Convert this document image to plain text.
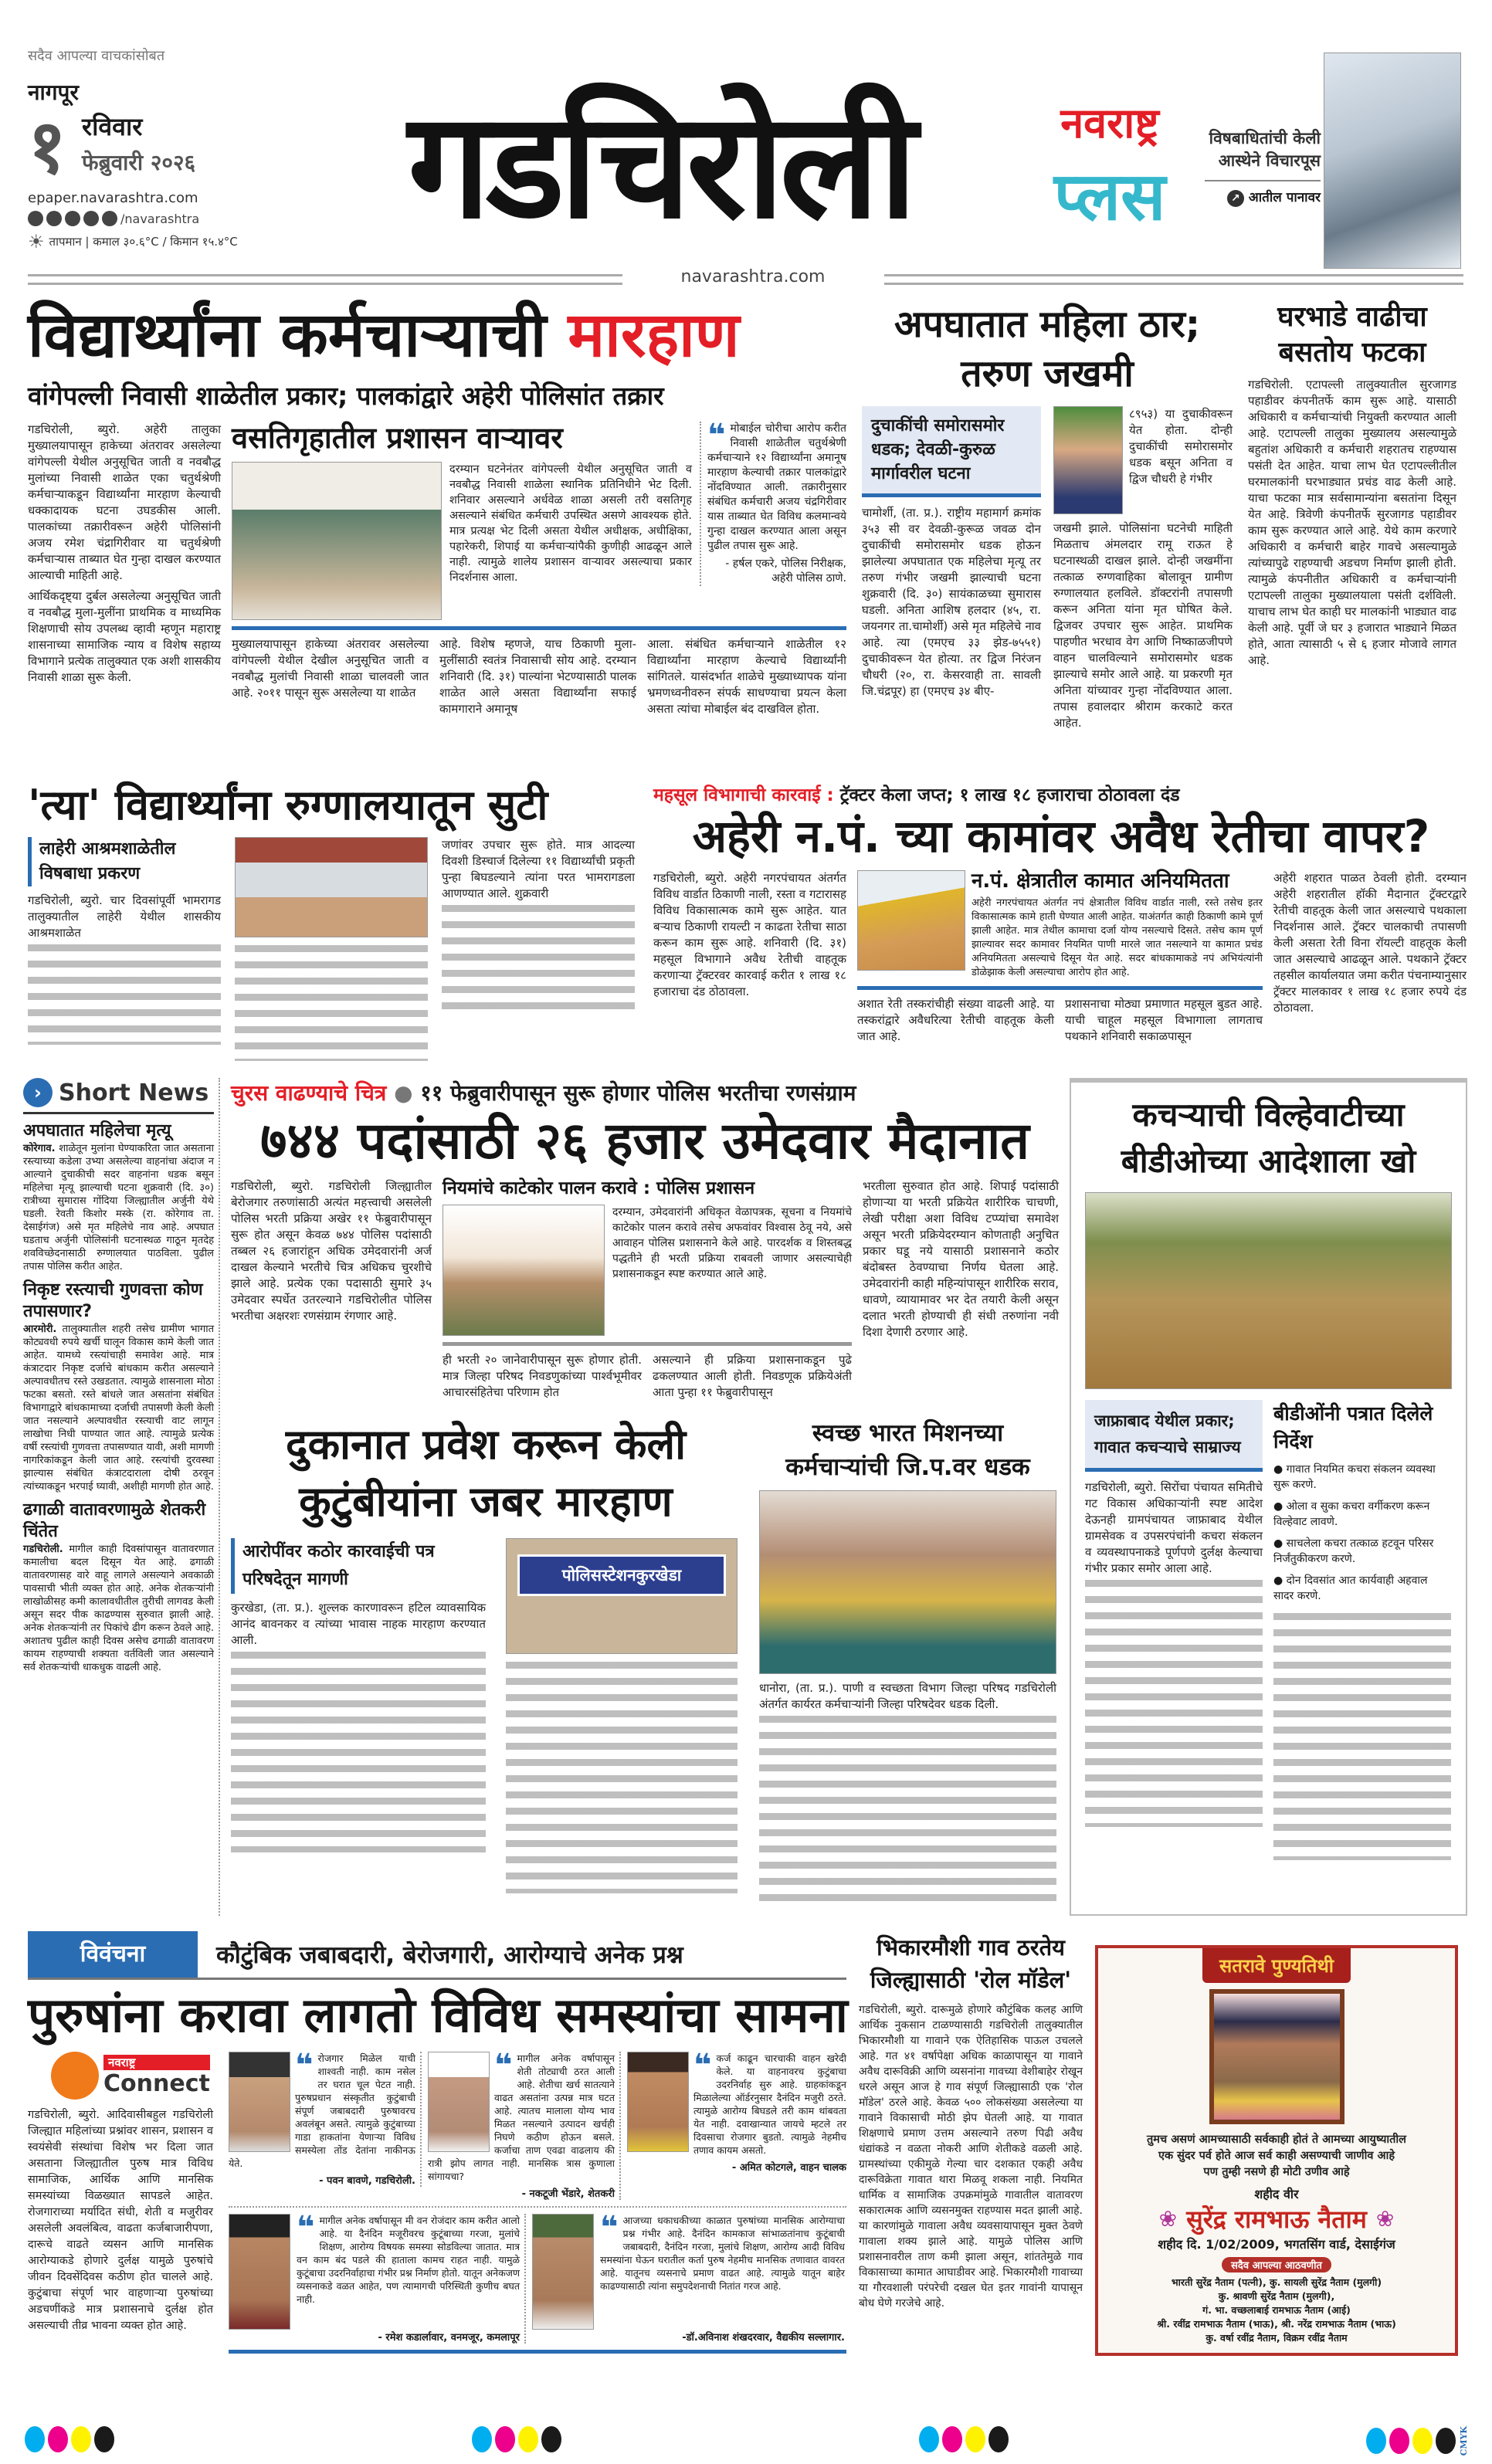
सदैव आपल्या वाचकांसोबत
नागपूर
१ रविवार
फेब्रुवारी २०२६
epaper.navarashtra.com
/navarashtra
☀ तापमान | कमाल ३०.६°C / किमान १५.४°C	गडचिरोली	नवराष्ट्र
प्लस
विषबाधितांची केली आस्थेने विचारपूस
↗ आतील पानावर
navarashtra.com
विद्यार्थ्यांना कर्मचाऱ्याची मारहाण
वांगेपल्ली निवासी शाळेतील प्रकार; पालकांद्वारे अहेरी पोलिसांत तक्रार
गडचिरोली, ब्युरो. अहेरी तालुका मुख्यालयापासून हाकेच्या अंतरावर असलेल्या वांगेपल्ली येथील अनुसूचित जाती व नवबौद्ध मुलांच्या निवासी शाळेत एका चतुर्थश्रेणी कर्मचाऱ्याकडून विद्यार्थ्यांना मारहाण केल्याची धक्कादायक घटना उघडकीस आली. पालकांच्या तक्रारीवरून अहेरी पोलिसांनी अजय रमेश चंद्रागिरीवार या चतुर्थश्रेणी कर्मचाऱ्यास ताब्यात घेत गुन्हा दाखल करण्यात आल्याची माहिती आहे.
आर्थिकदृष्ट्या दुर्बल असलेल्या अनुसूचित जाती व नवबौद्ध मुला-मुलींना प्राथमिक व माध्यमिक शिक्षणाची सोय उपलब्ध व्हावी म्हणून महाराष्ट्र शासनाच्या सामाजिक न्याय व विशेष सहाय्य विभागाने प्रत्येक तालुक्यात एक अशी शासकीय निवासी शाळा सुरू केली.
वसतिगृहातील प्रशासन वाऱ्यावर
दरम्यान घटनेनंतर वांगेपल्ली येथील अनुसूचित जाती व नवबौद्ध निवासी शाळेला स्थानिक प्रतिनिधीने भेट दिली. शनिवार असल्याने अर्धवेळ शाळा असली तरी वसतिगृह असल्याने संबंधित कर्मचारी उपस्थित असणे आवश्यक होते. मात्र प्रत्यक्ष भेट दिली असता येथील अधीक्षक, अधीक्षिका, पहारेकरी, शिपाई या कर्मचाऱ्यांपैकी कुणीही आढळून आले नाही. त्यामुळे शालेय प्रशासन वाऱ्यावर असल्याचा प्रकार निदर्शनास आला.
❝ मोबाईल चोरीचा आरोप करीत निवासी शाळेतील चतुर्थश्रेणी कर्मचाऱ्याने १२ विद्यार्थ्यांना अमानूष मारहाण केल्याची तक्रार पालकांद्वारे नोंदविण्यात आली. तक्रारीनुसार संबंधित कर्मचारी अजय चंद्रगिरीवार यास ताब्यात घेत विविध कलमान्वये गुन्हा दाखल करण्यात आला असून पुढील तपास सुरू आहे.
- हर्षल एकरे, पोलिस निरीक्षक, अहेरी पोलिस ठाणे.
मुख्यालयापासून हाकेच्या अंतरावर असलेल्या वांगेपल्ली येथील देखील अनुसूचित जाती व नवबौद्ध मुलांची निवासी शाळा चालवली जात आहे. २०११ पासून सुरू असलेल्या या शाळेत
आहे. विशेष म्हणजे, याच ठिकाणी मुला-मुलींसाठी स्वतंत्र निवासाची सोय आहे. दरम्यान शनिवारी (दि. ३१) पाल्यांना भेटण्यासाठी पालक शाळेत आले असता विद्यार्थ्यांना सफाई कामगाराने अमानूष
आला. संबंधित कर्मचाऱ्याने शाळेतील १२ विद्यार्थ्यांना मारहाण केल्याचे विद्यार्थ्यांनी सांगितले. यासंदर्भात शाळेचे मुख्याध्यापक यांना भ्रमणध्वनीवरुन संपर्क साधण्याचा प्रयत्न केला असता त्यांचा मोबाईल बंद दाखविल होता.
अपघातात महिला ठार; तरुण जखमी
दुचाकींची समोरासमोर धडक; देवळी-कुरुळ मार्गावरील घटना
चामोर्शी, (ता. प्र.). राष्ट्रीय महामार्ग क्रमांक ३५३ सी वर देवळी-कुरूळ जवळ दोन दुचाकींची समोरासमोर धडक होऊन झालेल्या अपघातात एक महिलेचा मृत्यू तर तरुण गंभीर जखमी झाल्याची घटना शुक्रवारी (दि. ३०) सायंकाळच्या सुमारास घडली. अनिता आशिष हलदार (४५, रा. जयनगर ता.चामोर्शी) असे मृत महिलेचे नाव आहे. त्या (एमएच ३३ झेड-७५५१) दुचाकीवरून येत होत्या. तर द्विज निरंजन चौधरी (२०, रा. केसरवाही ता. सावली जि.चंद्रपूर) हा (एमएच ३४ बीए-
८९५३) या दुचाकीवरून येत होता. दोन्ही दुचाकींची समोरासमोर धडक बसून अनिता व द्विज चौधरी हे गंभीर
जखमी झाले. पोलिसांना घटनेची माहिती मिळताच अंमलदार रामू राऊत हे घटनास्थळी दाखल झाले. दोन्ही जखमींना तत्काळ रुग्णवाहिका बोलावून ग्रामीण रुग्णालयात हलविले. डॉक्टरांनी तपासणी करून अनिता यांना मृत घोषित केले. द्विजवर उपचार सुरू आहेत. प्राथमिक पाहणीत भरधाव वेग आणि निष्काळजीपणे वाहन चालविल्याने समोरासमोर धडक झाल्याचे समोर आले आहे. या प्रकरणी मृत अनिता यांच्यावर गुन्हा नोंदविण्यात आला. तपास हवालदार श्रीराम करकाटे करत आहेत.
घरभाडे वाढीचा बसतोय फटका
गडचिरोली. एटापल्ली तालुक्यातील सुरजागड पहाडीवर कंपनीतर्फे काम सुरू आहे. यासाठी अधिकारी व कर्मचाऱ्यांची नियुक्ती करण्यात आली आहे. एटापल्ली तालुका मुख्यालय असल्यामुळे बहुतांश अधिकारी व कर्मचारी शहरातच राहण्यास पसंती देत आहेत. याचा लाभ घेत एटापल्लीतील घरमालकांनी घरभाड्यात प्रचंड वाढ केली आहे. याचा फटका मात्र सर्वसामान्यांना बसतांना दिसून येत आहे. त्रिवेणी कंपनीतर्फे सुरजागड पहाडीवर काम सुरू करण्यात आले आहे. येथे काम करणारे अधिकारी व कर्मचारी बाहेर गावचे असल्यामुळे त्यांच्यापुढे राहण्याची अडचण निर्माण झाली होती. त्यामुळे कंपनीतीत अधिकारी व कर्मचाऱ्यांनी एटापल्ली तालुका मुख्यालयाला पसंती दर्शविली. याचाच लाभ घेत काही घर मालकांनी भाड्यात वाढ केली आहे. पूर्वी जे घर ३ हजारात भाड्याने मिळत होते, आता त्यासाठी ५ से ६ हजार मोजावे लागत आहे.
'त्या' विद्यार्थ्यांना रुग्णालयातून सुटी
लाहेरी आश्रमशाळेतील विषबाधा प्रकरण
गडचिरोली, ब्युरो. चार दिवसांपूर्वी भामरागड तालुक्यातील लाहेरी येथील शासकीय आश्रमशाळेत
जणांवर उपचार सुरू होते. मात्र आदल्या दिवशी डिस्चार्ज दिलेल्या ११ विद्यार्थ्यांची प्रकृती पुन्हा बिघडल्याने त्यांना परत भामरागडला आणण्यात आले. शुक्रवारी
महसूल विभागाची कारवाई : ट्रॅक्टर केला जप्त; १ लाख १८ हजाराचा ठोठावला दंड
अहेरी न.पं. च्या कामांवर अवैध रेतीचा वापर?
गडचिरोली, ब्युरो. अहेरी नगरपंचायत अंतर्गत विविध वार्डात ठिकाणी नाली, रस्ता व गटारासह विविध विकासात्मक कामे सुरू आहेत. यात बऱ्याच ठिकाणी रायल्टी न काढता रेतीचा साठा करून काम सुरू आहे. शनिवारी (दि. ३१) महसूल विभागाने अवैध रेतीची वाहतूक करणाऱ्या ट्रॅक्टरवर कारवाई करीत १ लाख १८ हजाराचा दंड ठोठावला.
न.पं. क्षेत्रातील कामात अनियमितता
अहेरी नगरपंचायत अंतर्गत नपं क्षेत्रातील विविध वार्डात नाली, रस्ते तसेच इतर विकासात्मक कामे हाती घेण्यात आली आहेत. याअंतर्गत काही ठिकाणी कामे पूर्ण झाली आहेत. मात्र तेथील कामाचा दर्जा योग्य नसल्याचे दिसते. तसेच काम पूर्ण झाल्यावर सदर कामावर नियमित पाणी मारले जात नसल्याने या कामात प्रचंड अनियमितता असल्याचे दिसून येत आहे. सदर बांधकामाकडे नपं अभियंत्यांनी डोळेझाक केली असल्याचा आरोप होत आहे.
अशात रेती तस्करांचीही संख्या वाढली आहे. या तस्करांद्वारे अवैधरित्या रेतीची वाहतूक केली जात आहे.
प्रशासनाचा मोठ्या प्रमाणात महसूल बुडत आहे. याची चाहूल महसूल विभागाला लागताच पथकाने शनिवारी सकाळपासून
अहेरी शहरात पाळत ठेवली होती. दरम्यान अहेरी शहरातील हॉकी मैदानात ट्रॅक्टरद्वारे रेतीची वाहतूक केली जात असल्याचे पथकाला निदर्शनास आले. ट्रॅक्टर चालकाची तपासणी केली असता रेती विना रॉयल्टी वाहतूक केली जात असल्याचे आढळून आले. पथकाने ट्रॅक्टर तहसील कार्यालयात जमा करीत पंचनाम्यानुसार ट्रॅक्टर मालकावर १ लाख १८ हजार रुपये दंड ठोठावला.
› Short News
अपघातात महिलेचा मृत्यू
कोरेगाव. शाळेतून मुलांना घेण्याकरिता जात असताना रस्त्याच्या कडेला उभ्या असलेल्या वाहनांचा अंदाज न आल्याने दुचाकीची सदर वाहनांना धडक बसून महिलेचा मृत्यू झाल्याची घटना शुक्रवारी (दि. ३०) रात्रीच्या सुमारास गोंदिया जिल्ह्यातील अर्जुनी येथे घडली. रेवती किशोर मस्के (रा. कोरेगाव ता. देसाईगंज) असे मृत महिलेचे नाव आहे. अपघात घडताच अर्जुनी पोलिसांनी घटनास्थळ गाठून मृतदेह शवविच्छेदनासाठी रुग्णालयात पाठविला. पुढील तपास पोलिस करीत आहेत.
निकृष्ट रस्त्याची गुणवत्ता कोण तपासणार?
आरमोरी. तालुक्यातील शहरी तसेच ग्रामीण भागात कोट्यवधी रुपये खर्ची घालून विकास कामे केली जात आहेत. यामध्ये रस्त्यांचाही समावेश आहे. मात्र कंत्राटदार निकृष्ट दर्जाचे बांधकाम करीत असल्याने अल्पावधीतच रस्ते उखडतात. त्यामुळे शासनाला मोठा फटका बसतो. रस्ते बांधले जात असतांना संबंधित विभागाद्वारे बांधकामाच्या दर्जाची तपासणी केली केली जात नसल्याने अल्पावधीत रस्त्याची वाट लागून लाखोचा निधी पाण्यात जात आहे. त्यामुळे प्रत्येक वर्षी रस्त्यांची गुणवत्ता तपासण्यात यावी, अशी मागणी नागरिकांकडून केली जात आहे. रस्त्यांची दुरवस्था झाल्यास संबंधित कंत्राटदाराला दोषी ठरवून त्यांच्याकडून भरपाई घ्यावी, अशीही मागणी होत आहे.
ढगाळी वातावरणामुळे शेतकरी चिंतेत
गडचिरोली. मागील काही दिवसांपासून वातावरणात कमालीचा बदल दिसून येत आहे. ढगाळी वातावरणासह वारे वाहू लागले असल्याने अवकाळी पावसाची भीती व्यक्त होत आहे. अनेक शेतकऱ्यांनी लाखोळीसह कमी कालावधीतील तुरीची लागवड केली असून सदर पीक काढण्यास सुरुवात झाली आहे. अनेक शेतकऱ्यांनी तर पिकांचे ढीग करून ठेवले आहे. अशातच पुढील काही दिवस असेच ढगाळी वातावरण कायम राहण्याची शक्यता वर्तविली जात असल्याने सर्व शेतकऱ्यांची धाकधुक वाढली आहे.
चुरस वाढण्याचे चित्र ● ११ फेब्रुवारीपासून सुरू होणार पोलिस भरतीचा रणसंग्राम
७४४ पदांसाठी २६ हजार उमेदवार मैदानात
गडचिरोली, ब्युरो. गडचिरोली जिल्ह्यातील बेरोजगार तरुणांसाठी अत्यंत महत्त्वाची असलेली पोलिस भरती प्रक्रिया अखेर ११ फेब्रुवारीपासून सुरू होत असून केवळ ७४४ पोलिस पदांसाठी तब्बल २६ हजारांहून अधिक उमेदवारांनी अर्ज दाखल केल्याने भरतीचे चित्र अधिकच चुरशीचे झाले आहे. प्रत्येक एका पदासाठी सुमारे ३५ उमेदवार स्पर्धेत उतरल्याने गडचिरोलीत पोलिस भरतीचा अक्षरशः रणसंग्राम रंगणार आहे.
नियमांचे काटेकोर पालन करावे : पोलिस प्रशासन
दरम्यान, उमेदवारांनी अधिकृत वेळापत्रक, सूचना व नियमांचे काटेकोर पालन करावे तसेच अफवांवर विश्वास ठेवू नये, असे आवाहन पोलिस प्रशासनाने केले आहे. पारदर्शक व शिस्तबद्ध पद्धतीने ही भरती प्रक्रिया राबवली जाणार असल्याचेही प्रशासनाकडून स्पष्ट करण्यात आले आहे.
ही भरती २० जानेवारीपासून सुरू होणार होती. मात्र जिल्हा परिषद निवडणुकांच्या पार्श्वभूमीवर आचारसंहितेचा परिणाम होत
असल्याने ही प्रक्रिया प्रशासनाकडून पुढे ढकलण्यात आली होती. निवडणूक प्रक्रियेअंती आता पुन्हा ११ फेब्रुवारीपासून
भरतीला सुरुवात होत आहे. शिपाई पदांसाठी होणाऱ्या या भरती प्रक्रियेत शारीरिक चाचणी, लेखी परीक्षा अशा विविध टप्प्यांचा समावेश असून भरती प्रक्रियेदरम्यान कोणताही अनुचित प्रकार घडू नये यासाठी प्रशासनाने कठोर बंदोबस्त ठेवण्याचा निर्णय घेतला आहे. उमेदवारांनी काही महिन्यांपासून शारीरिक सराव, धावणे, व्यायामावर भर देत तयारी केली असून दलात भरती होण्याची ही संधी तरुणांना नवी दिशा देणारी ठरणार आहे.
दुकानात प्रवेश करून केली कुटुंबीयांना जबर मारहाण
आरोपींवर कठोर कारवाईची पत्र परिषदेतून मागणी
कुरखेडा, (ता. प्र.). शुल्लक कारणावरून हटिल व्यावसायिक आनंद बावनकर व त्यांच्या भावास नाहक मारहाण करण्यात आली.
पोलिसस्टेशनकुरखेडा
स्वच्छ भारत मिशनच्या कर्मचाऱ्यांची जि.प.वर धडक
धानोरा, (ता. प्र.). पाणी व स्वच्छता विभाग जिल्हा परिषद गडचिरोली अंतर्गत कार्यरत कर्मचाऱ्यांनी जिल्हा परिषदेवर धडक दिली.
कचऱ्याची विल्हेवाटीच्या बीडीओच्या आदेशाला खो
जाफ्राबाद येथील प्रकार; गावात कचऱ्याचे साम्राज्य
गडचिरोली, ब्युरो. सिरोंचा पंचायत समितीचे गट विकास अधिकाऱ्यांनी स्पष्ट आदेश देऊनही ग्रामपंचायत जाफ्राबाद येथील ग्रामसेवक व उपसरपंचांनी कचरा संकलन व व्यवस्थापनाकडे पूर्णपणे दुर्लक्ष केल्याचा गंभीर प्रकार समोर आला आहे.
बीडीओंनी पत्रात दिलेले निर्देश
● गावात नियमित कचरा संकलन व्यवस्था सुरू करणे.
● ओला व सुका कचरा वर्गीकरण करून विल्हेवाट लावणे.
● साचलेला कचरा तत्काळ हटवून परिसर निर्जंतुकीकरण करणे.
● दोन दिवसांत आत कार्यवाही अहवाल सादर करणे.
विवंचना	कौटुंबिक जबाबदारी, बेरोजगारी, आरोग्याचे अनेक प्रश्न
पुरुषांना करावा लागतो विविध समस्यांचा सामना
नवराष्ट्र
Connect
गडचिरोली, ब्युरो. आदिवासीबहुल गडचिरोली जिल्ह्यात महिलांच्या प्रश्नांवर शासन, प्रशासन व स्वयंसेवी संस्थांचा विशेष भर दिला जात असताना जिल्ह्यातील पुरुष मात्र विविध सामाजिक, आर्थिक आणि मानसिक समस्यांच्या विळख्यात सापडले आहेत. रोजगाराच्या मर्यादित संधी, शेती व मजुरीवर असलेली अवलंबित्व, वाढता कर्जबाजारीपणा, दारूचे वाढते व्यसन आणि मानसिक आरोग्याकडे होणारे दुर्लक्ष यामुळे पुरुषांचे जीवन दिवसेंदिवस कठीण होत चालले आहे. कुटुंबाचा संपूर्ण भार वाहणाऱ्या पुरुषांच्या अडचणींकडे मात्र प्रशासनाचे दुर्लक्ष होत असल्याची तीव्र भावना व्यक्त होत आहे.
❝ रोजगार मिळेल याची शाश्वती नाही. काम नसेल तर घरात चूल पेटत नाही. पुरुषप्रधान संस्कृतीत कुटुंबाची संपूर्ण जबाबदारी पुरुषावरच अवलंबून असते. त्यामुळे कुटुंबाच्या गाडा हाकतांना येणाऱ्या विविध समस्येला तोंड देतांना नाकीनऊ येते.
- पवन बावणे, गडचिरोली.
❝ मागील अनेक वर्षापासून शेती तोट्याची ठरत आली आहे. शेतीचा खर्च सातत्याने वाढत असतांना उत्पन्न मात्र घटत आहे. त्यातच मालाला योग्य भाव मिळत नसल्याने उत्पादन खर्चही निघणे कठीण होऊन बसले. कर्जाचा ताण एवढा वाढलाय की रात्री झोप लागत नाही. मानसिक त्रास कुणाला सांगायचा?
- नकटूजी भेंडारे, शेतकरी
❝ कर्ज काढून चारचाकी वाहन खरेदी केले. या वाहनावरच कुटुंबाचा उदरनिर्वाह सुरु आहे. ग्राहकांकडून मिळालेल्या ऑर्डरनुसार दैनंदिन मजुरी ठरते. त्यामुळे आरोग्य बिघडले तरी काम थांबवता येत नाही. दवाखान्यात जायचे म्हटले तर दिवसाचा रोजगार बुडतो. त्यामुळे नेहमीच तणाव कायम असतो.
- अमित कोटगले, वाहन चालक
❝ मागील अनेक वर्षापासून मी वन रोजंदार काम करीत आलो आहे. या दैनंदिन मजूरीवरच कुटूंबाच्या गरजा, मुलांचे शिक्षण, आरोग्य विषयक समस्या सोडविल्या जातात. मात्र वन काम बंद पडले की हाताला कामच राहत नाही. यामुळे कुटूंबाचा उदरनिर्वाहाचा गंभीर प्रश्न निर्माण होतो. यातून अनेकजण व्यसनाकडे वळत आहेत, पण त्यामागची परिस्थिती कुणीच बघत नाही.
- रमेश कडार्लावार, वनमजूर, कमलापूर
❝ आजच्या धकाधकीच्या काळात पुरुषांच्या मानसिक आरोग्याचा प्रश्न गंभीर आहे. दैनंदिन कामकाज सांभाळतांनाच कुटूंबाची जबाबदारी, दैनंदिन गरजा, मुलांचे शिक्षण, आरोग्य आदी विविध समस्यांना घेऊन घरातील कर्ता पुरुष नेहमीच मानसिक तणावात वावरत आहे. यातूनच व्यसनाचे प्रमाण वाढत आहे. त्यामुळे यातून बाहेर काढण्यासाठी त्यांना समुपदेशनाची नितांत गरज आहे.
-डॉ.अविनाश शंखदरवार, वैद्यकीय सल्लागार.
भिकारमौशी गाव ठरतेय जिल्ह्यासाठी 'रोल मॉडेल'
गडचिरोली, ब्युरो. दारूमुळे होणारे कौटुंबिक कलह आणि आर्थिक नुकसान टाळण्यासाठी गडचिरोली तालुक्यातील भिकारमौशी या गावाने एक ऐतिहासिक पाऊल उचलले आहे. गत ४१ वर्षापेक्षा अधिक काळापासून या गावाने अवैध दारूविक्री आणि व्यसनांना गावच्या वेशीबाहेर रोखून धरले असून आज हे गाव संपूर्ण जिल्ह्यासाठी एक 'रोल मॉडेल' ठरले आहे. केवळ ५०० लोकसंख्या असलेल्या या गावाने विकासाची मोठी झेप घेतली आहे. या गावात शिक्षणाचे प्रमाण उत्तम असल्याने तरुण पिढी अवैध धंद्यांकडे न वळता नोकरी आणि शेतीकडे वळली आहे. ग्रामस्थांच्या एकीमुळे गेल्या चार दशकात एकही अवैध दारूविक्रेता गावात थारा मिळवू शकला नाही. नियमित धार्मिक व सामाजिक उपक्रमांमुळे गावातील वातावरण सकारात्मक आणि व्यसनमुक्त राहण्यास मदत झाली आहे. या कारणांमुळे गावाला अवैध व्यवसायापासून मुक्त ठेवणे गावाला शक्य झाले आहे. यामुळे पोलिस आणि प्रशासनावरील ताण कमी झाला असून, शांततेमुळे गाव विकासाच्या कामात आघाडीवर आहे. भिकारमौशी गावाच्या या गौरवशाली परंपरेची दखल घेत इतर गावांनी यापासून बोध घेणे गरजेचे आहे.
सतरावे पुण्यतिथी
तुमच असणं आमच्यासाठी सर्वकाही होतं ते आमच्या आयुष्यातील
एक सुंदर पर्व होते आज सर्व काही असण्याची जाणीव आहे
पण तुम्ही नसणे ही मोटी उणीव आहे
शहीद वीर
❀ सुरेंद्र रामभाऊ नैताम ❀
शहीद दि. 1/02/2009, भगतसिंग वार्ड, देसाईगंज
सदैव आपल्या आठवणीत
भारती सुरेंद्र नैताम (पत्नी), कु. सायली सुरेंद्र नैताम (मुलगी)
कु. श्रावणी सुरेंद्र नैताम (मुलगी),
गं. भा. वच्छलाबाई रामभाऊ नैताम (आई)
श्री. रवींद्र रामभाऊ नैताम (भाऊ), श्री. नरेंद्र रामभाऊ नैताम (भाऊ)
कु. वर्षा रवींद्र नैताम, विक्रम रवींद्र नैताम
CMYK
